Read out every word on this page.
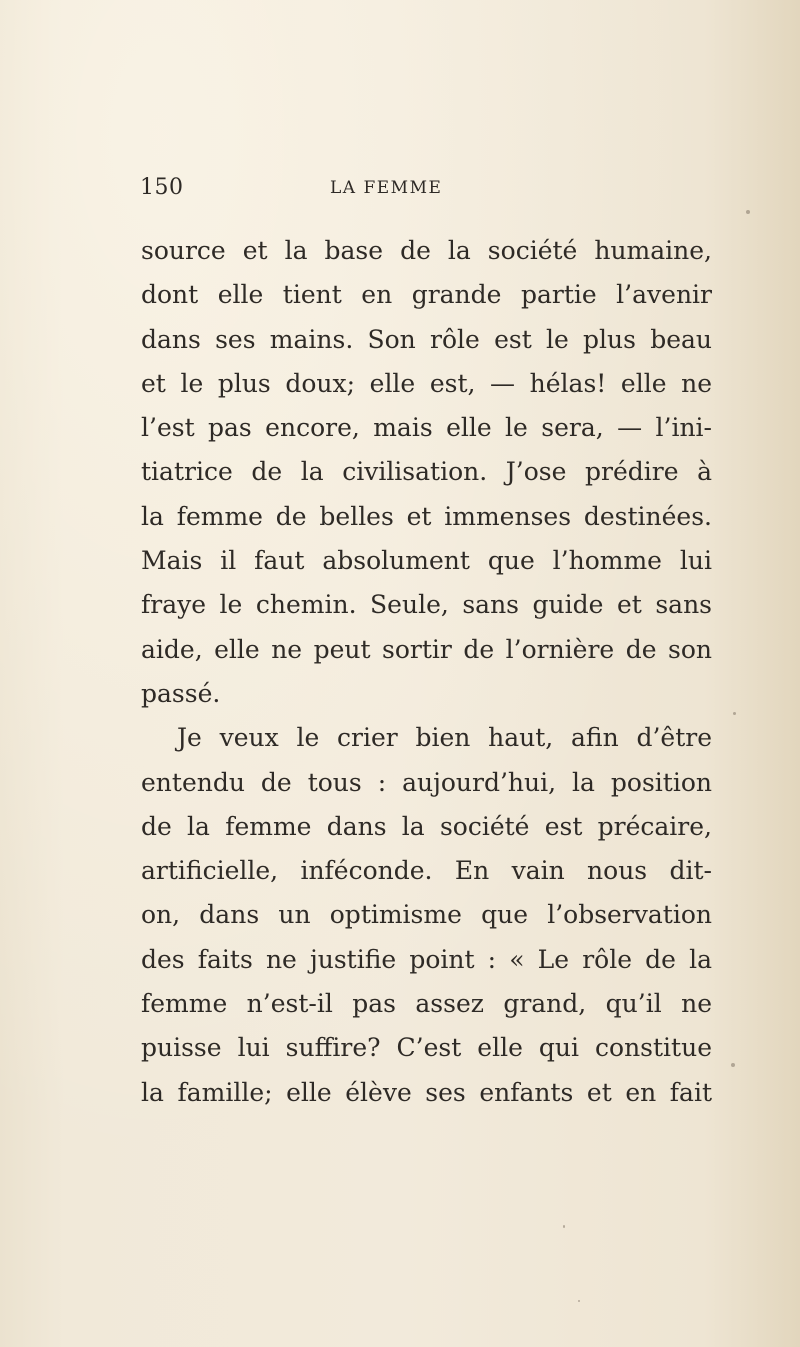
150	LA FEMME
source et la base de la société humaine,
dont elle tient en grande partie l’avenir
dans ses mains. Son rôle est le plus beau
et le plus doux; elle est, — hélas! elle ne
l’est pas encore, mais elle le sera, — l’ini-
tiatrice de la civilisation. J’ose prédire à
la femme de belles et immenses destinées.
Mais il faut absolument que l’homme lui
fraye le chemin. Seule, sans guide et sans
aide, elle ne peut sortir de l’ornière de son
passé.
Je veux le crier bien haut, afin d’être
entendu de tous : aujourd’hui, la position
de la femme dans la société est précaire,
artificielle, inféconde. En vain nous dit-
on, dans un optimisme que l’observation
des faits ne justifie point : « Le rôle de la
femme n’est-il pas assez grand, qu’il ne
puisse lui suffire? C’est elle qui constitue
la famille; elle élève ses enfants et en fait
